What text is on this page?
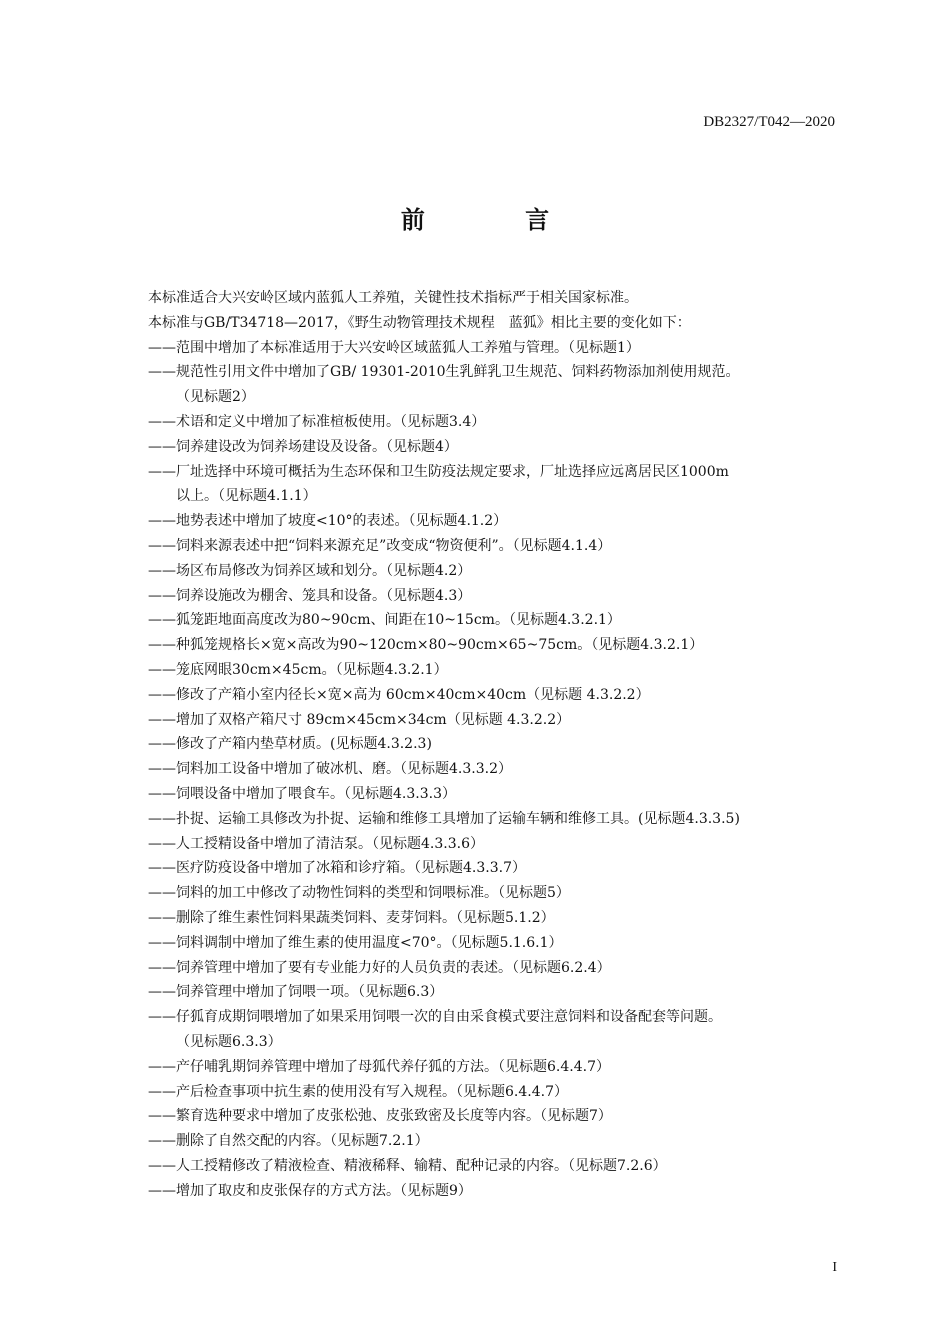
DB2327/T042—2020
前 言
本标准适合大兴安岭区域内蓝狐人工养殖，关键性技术指标严于相关国家标准。
本标准与GB/T34718—2017，《野生动物管理技术规程　蓝狐》相比主要的变化如下：
——范围中增加了本标准适用于大兴安岭区域蓝狐人工养殖与管理。（见标题1）
——规范性引用文件中增加了GB/ 19301-2010生乳鲜乳卫生规范、饲料药物添加剂使用规范。
（见标题2）
——术语和定义中增加了标准楦板使用。（见标题3.4）
——饲养建设改为饲养场建设及设备。（见标题4）
——厂址选择中环境可概括为生态环保和卫生防疫法规定要求，厂址选择应远离居民区1000m
以上。（见标题4.1.1）
——地势表述中增加了坡度<10°的表述。（见标题4.1.2）
——饲料来源表述中把“饲料来源充足”改变成“物资便利”。（见标题4.1.4）
——场区布局修改为饲养区域和划分。（见标题4.2）
——饲养设施改为棚舍、笼具和设备。（见标题4.3）
——狐笼距地面高度改为80~90cm、间距在10~15cm。（见标题4.3.2.1）
——种狐笼规格长×宽×高改为90~120cm×80~90cm×65~75cm。（见标题4.3.2.1）
——笼底网眼30cm×45cm。（见标题4.3.2.1）
——修改了产箱小室内径长×宽×高为 60cm×40cm×40cm（见标题 4.3.2.2）
——增加了双格产箱尺寸 89cm×45cm×34cm（见标题 4.3.2.2）
——修改了产箱内垫草材质。(见标题4.3.2.3)
——饲料加工设备中增加了破冰机、磨。（见标题4.3.3.2）
——饲喂设备中增加了喂食车。（见标题4.3.3.3）
——扑捉、运输工具修改为扑捉、运输和维修工具增加了运输车辆和维修工具。(见标题4.3.3.5)
——人工授精设备中增加了清洁泵。（见标题4.3.3.6）
——医疗防疫设备中增加了冰箱和诊疗箱。（见标题4.3.3.7）
——饲料的加工中修改了动物性饲料的类型和饲喂标准。（见标题5）
——删除了维生素性饲料果蔬类饲料、麦芽饲料。（见标题5.1.2）
——饲料调制中增加了维生素的使用温度<70°。（见标题5.1.6.1）
——饲养管理中增加了要有专业能力好的人员负责的表述。（见标题6.2.4）
——饲养管理中增加了饲喂一项。（见标题6.3）
——仔狐育成期饲喂增加了如果采用饲喂一次的自由采食模式要注意饲料和设备配套等问题。
（见标题6.3.3）
——产仔哺乳期饲养管理中增加了母狐代养仔狐的方法。（见标题6.4.4.7）
——产后检查事项中抗生素的使用没有写入规程。（见标题6.4.4.7）
——繁育选种要求中增加了皮张松弛、皮张致密及长度等内容。（见标题7）
——删除了自然交配的内容。（见标题7.2.1）
——人工授精修改了精液检查、精液稀释、输精、配种记录的内容。（见标题7.2.6）
——增加了取皮和皮张保存的方式方法。（见标题9）
I
